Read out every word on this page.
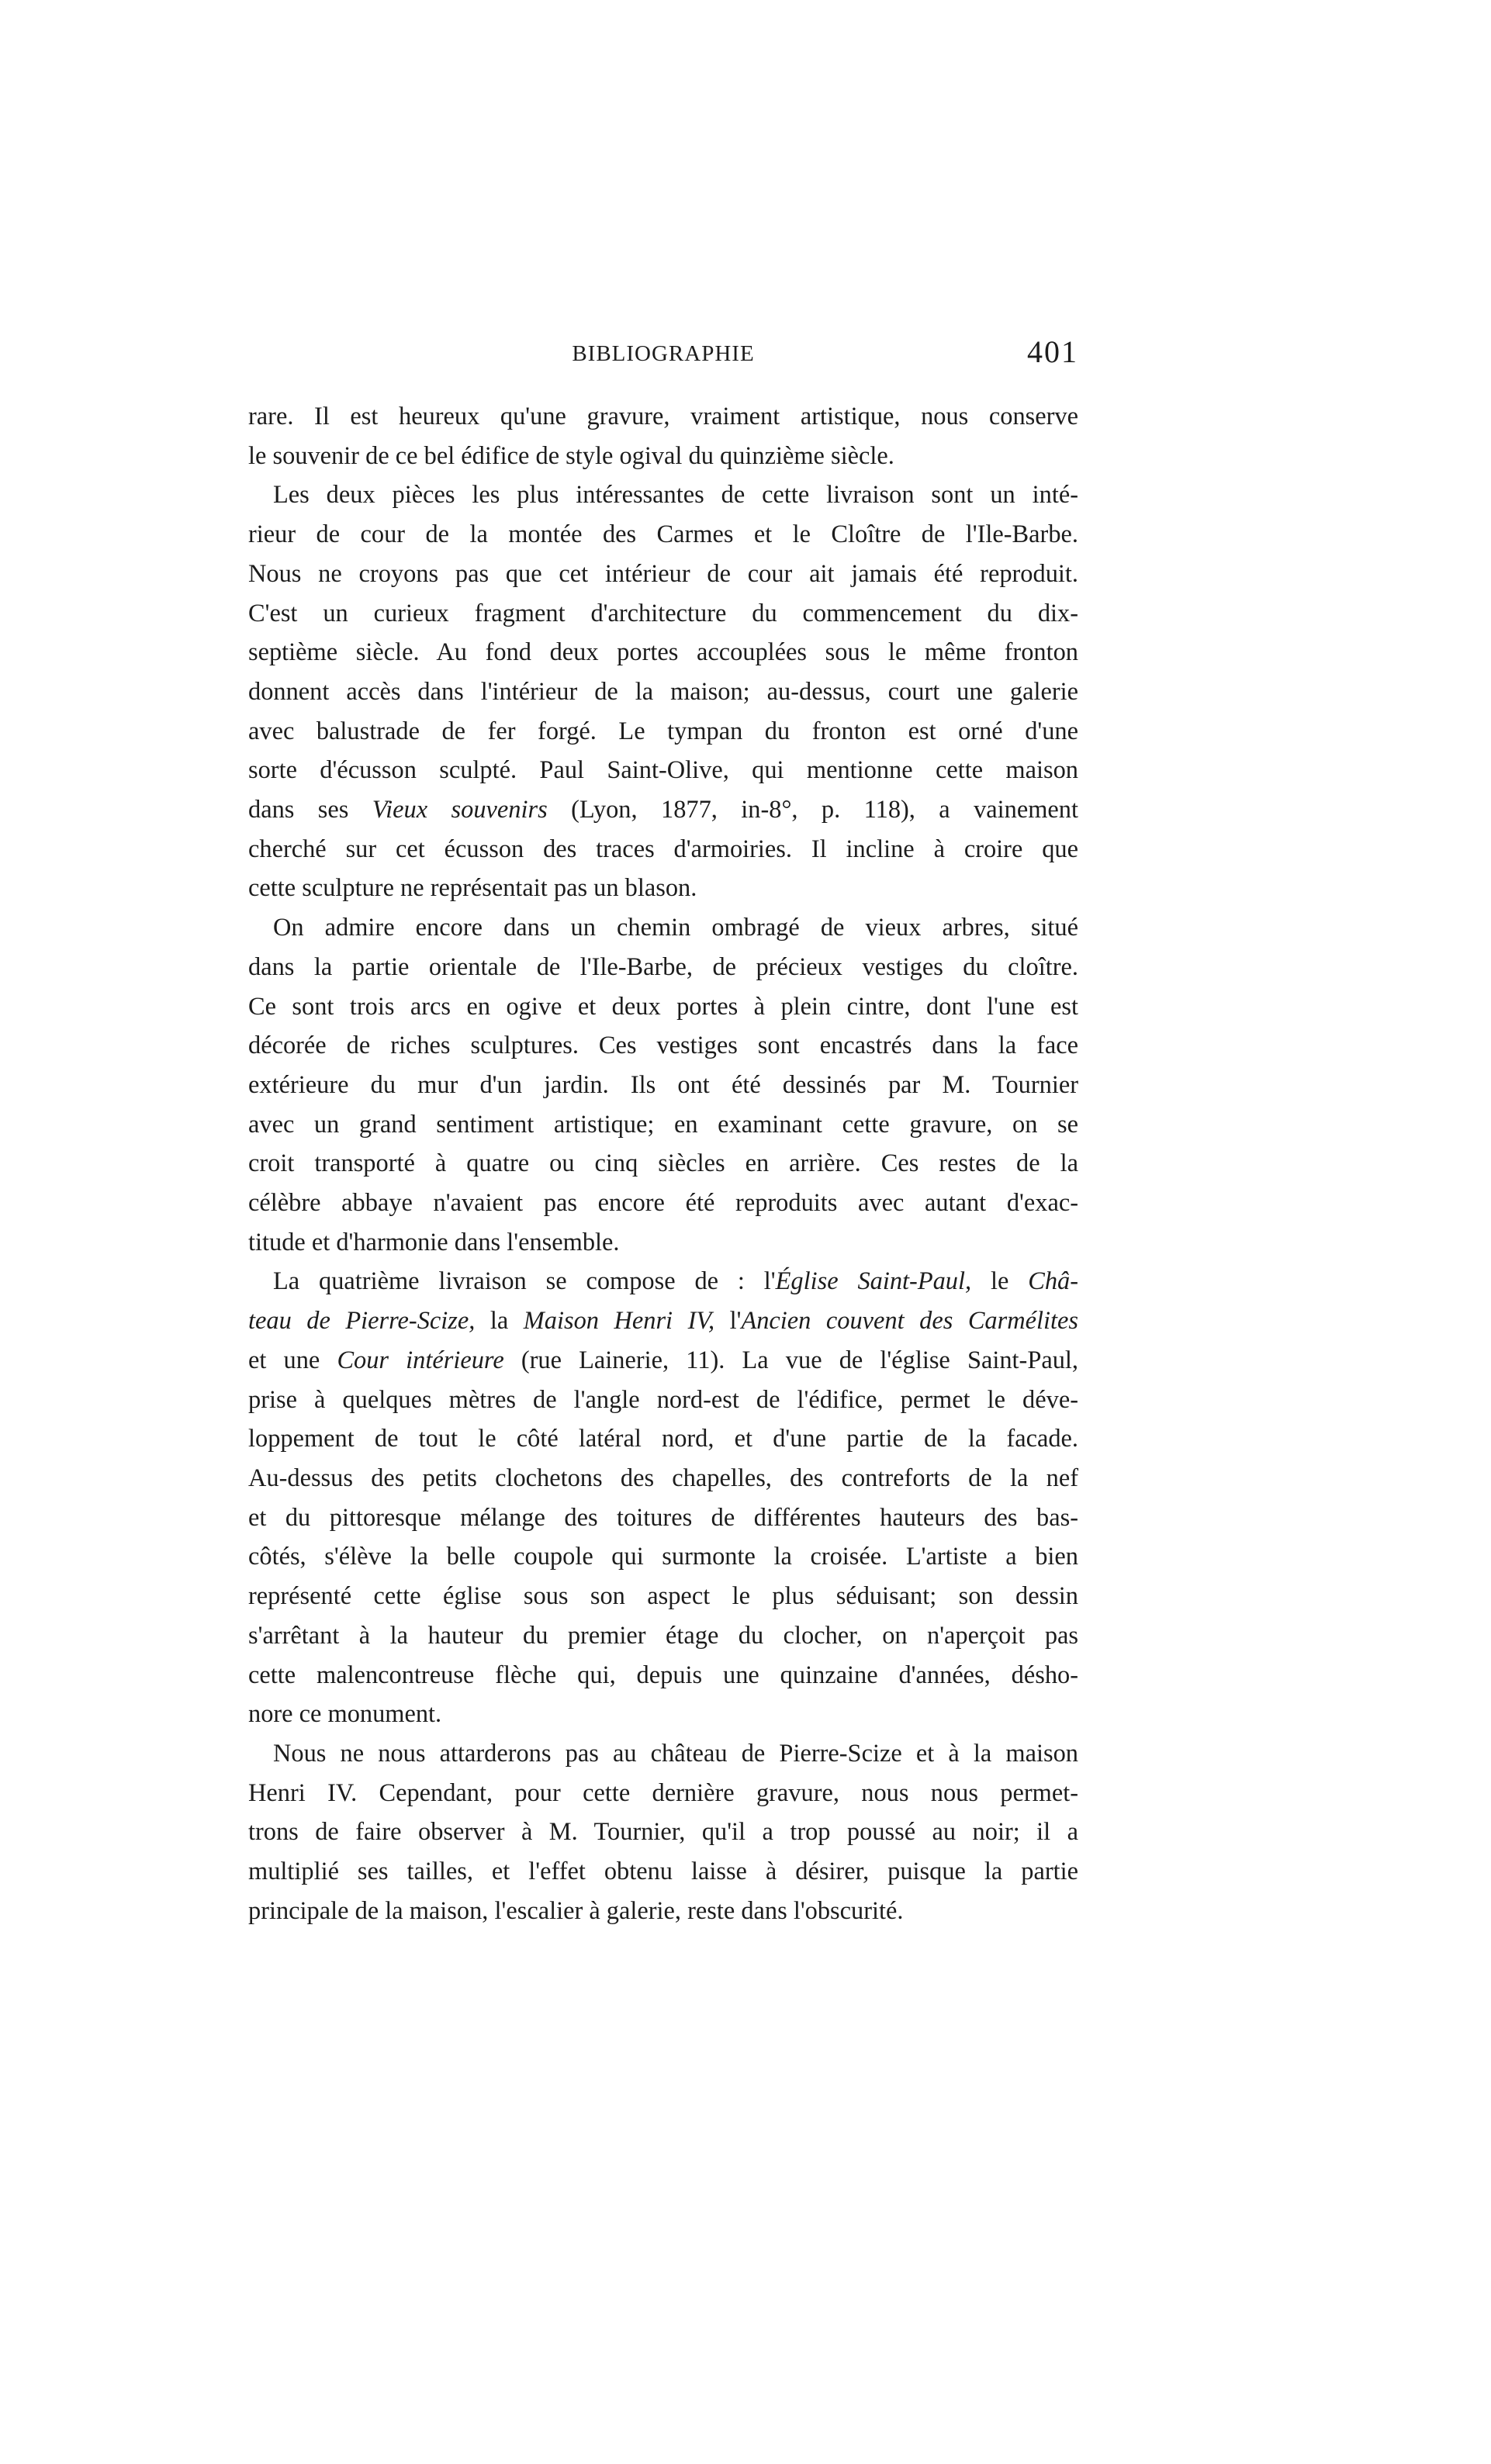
BIBLIOGRAPHIE	401
rare. Il est heureux qu'une gravure, vraiment artistique, nous conserve
le souvenir de ce bel édifice de style ogival du quinzième siècle.
Les deux pièces les plus intéressantes de cette livraison sont un inté-
rieur de cour de la montée des Carmes et le Cloître de l'Ile-Barbe.
Nous ne croyons pas que cet intérieur de cour ait jamais été reproduit.
C'est un curieux fragment d'architecture du commencement du dix-
septième siècle. Au fond deux portes accouplées sous le même fronton
donnent accès dans l'intérieur de la maison; au-dessus, court une galerie
avec balustrade de fer forgé. Le tympan du fronton est orné d'une
sorte d'écusson sculpté. Paul Saint-Olive, qui mentionne cette maison
dans ses Vieux souvenirs (Lyon, 1877, in-8°, p. 118), a vainement
cherché sur cet écusson des traces d'armoiries. Il incline à croire que
cette sculpture ne représentait pas un blason.
On admire encore dans un chemin ombragé de vieux arbres, situé
dans la partie orientale de l'Ile-Barbe, de précieux vestiges du cloître.
Ce sont trois arcs en ogive et deux portes à plein cintre, dont l'une est
décorée de riches sculptures. Ces vestiges sont encastrés dans la face
extérieure du mur d'un jardin. Ils ont été dessinés par M. Tournier
avec un grand sentiment artistique; en examinant cette gravure, on se
croit transporté à quatre ou cinq siècles en arrière. Ces restes de la
célèbre abbaye n'avaient pas encore été reproduits avec autant d'exac-
titude et d'harmonie dans l'ensemble.
La quatrième livraison se compose de : l'Église Saint-Paul, le Châ-
teau de Pierre-Scize, la Maison Henri IV, l'Ancien couvent des Carmélites
et une Cour intérieure (rue Lainerie, 11). La vue de l'église Saint-Paul,
prise à quelques mètres de l'angle nord-est de l'édifice, permet le déve-
loppement de tout le côté latéral nord, et d'une partie de la facade.
Au-dessus des petits clochetons des chapelles, des contreforts de la nef
et du pittoresque mélange des toitures de différentes hauteurs des bas-
côtés, s'élève la belle coupole qui surmonte la croisée. L'artiste a bien
représenté cette église sous son aspect le plus séduisant; son dessin
s'arrêtant à la hauteur du premier étage du clocher, on n'aperçoit pas
cette malencontreuse flèche qui, depuis une quinzaine d'années, désho-
nore ce monument.
Nous ne nous attarderons pas au château de Pierre-Scize et à la maison
Henri IV. Cependant, pour cette dernière gravure, nous nous permet-
trons de faire observer à M. Tournier, qu'il a trop poussé au noir; il a
multiplié ses tailles, et l'effet obtenu laisse à désirer, puisque la partie
principale de la maison, l'escalier à galerie, reste dans l'obscurité.
